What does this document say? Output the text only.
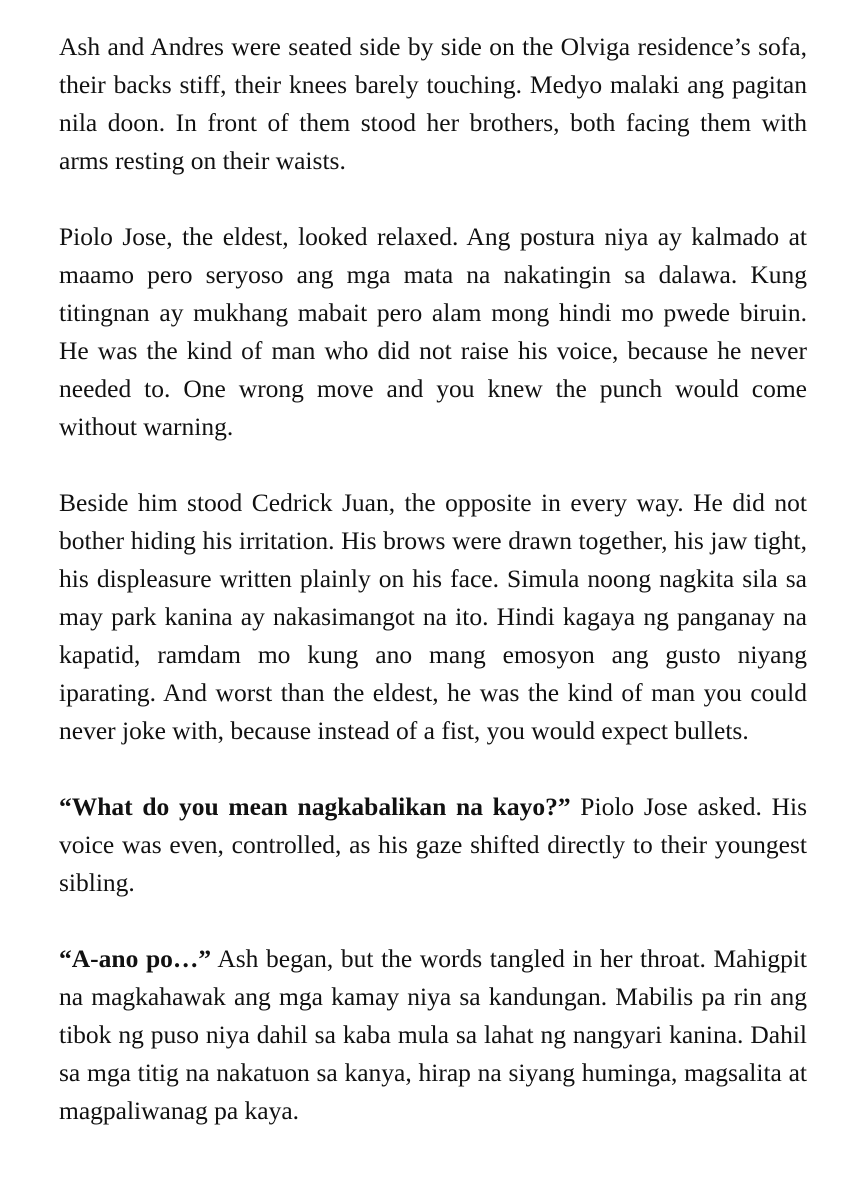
Ash and Andres were seated side by side on the Olviga residence’s sofa, their backs stiff, their knees barely touching. Medyo malaki ang pagitan nila doon. In front of them stood her brothers, both facing them with arms resting on their waists.

Piolo Jose, the eldest, looked relaxed. Ang postura niya ay kalmado at maamo pero seryoso ang mga mata na nakatingin sa dalawa. Kung titingnan ay mukhang mabait pero alam mong hindi mo pwede biruin. He was the kind of man who did not raise his voice, because he never needed to. One wrong move and you knew the punch would come without warning.

Beside him stood Cedrick Juan, the opposite in every way. He did not bother hiding his irritation. His brows were drawn together, his jaw tight, his displeasure written plainly on his face. Simula noong nagkita sila sa may park kanina ay nakasimangot na ito. Hindi kagaya ng panganay na kapatid, ramdam mo kung ano mang emosyon ang gusto niyang iparating. And worst than the eldest, he was the kind of man you could never joke with, because instead of a fist, you would expect bullets.

“What do you mean nagkabalikan na kayo?” Piolo Jose asked. His voice was even, controlled, as his gaze shifted directly to their youngest sibling.

“A-ano po…” Ash began, but the words tangled in her throat. Mahigpit na magkahawak ang mga kamay niya sa kandungan. Mabilis pa rin ang tibok ng puso niya dahil sa kaba mula sa lahat ng nangyari kanina. Dahil sa mga titig na nakatuon sa kanya, hirap na siyang huminga, magsalita at magpaliwanag pa kaya.
